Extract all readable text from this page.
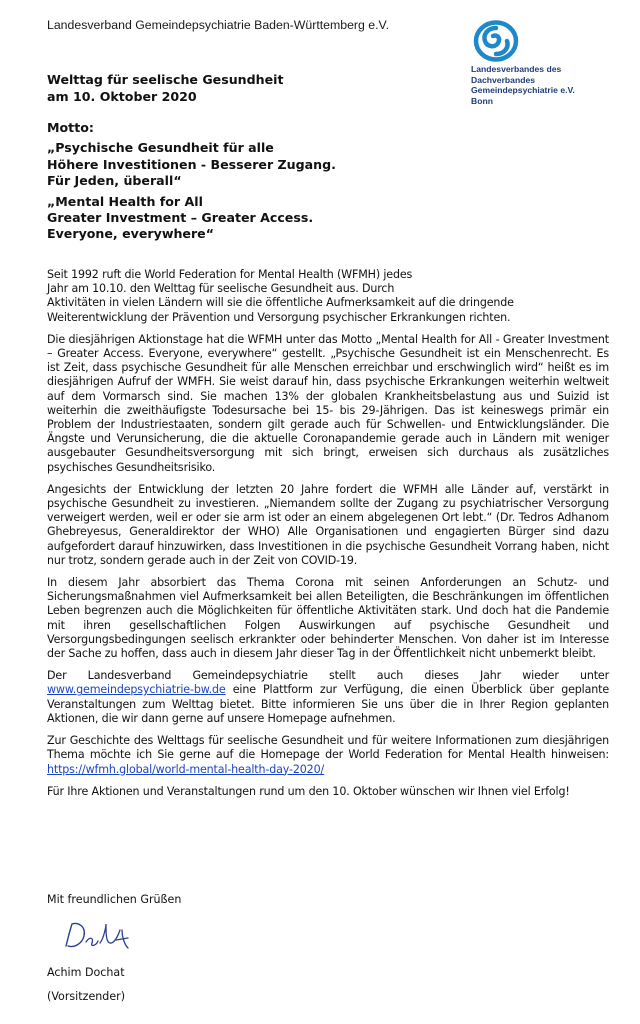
Landesverband Gemeindepsychiatrie Baden-Württemberg e.V.
Landesverbandes des
Dachverbandes
Gemeindepsychiatrie e.V.
Bonn
Welttag für seelische Gesundheit
am 10. Oktober 2020
Motto:
„Psychische Gesundheit für alle
Höhere Investitionen - Besserer Zugang.
Für Jeden, überall“
„Mental Health for All
Greater Investment – Greater Access.
Everyone, everywhere“

Seit 1992 ruft die World Federation for Mental Health (WFMH) jedes
Jahr am 10.10. den Welttag für seelische Gesundheit aus. Durch
Aktivitäten in vielen Ländern will sie die öffentliche Aufmerksamkeit auf die dringende
Weiterentwicklung der Prävention und Versorgung psychischer Erkrankungen richten.

Die diesjährigen Aktionstage hat die WFMH unter das Motto „Mental Health for All - Greater Investment – Greater Access. Everyone, everywhere“ gestellt. „Psychische Gesundheit ist ein Menschenrecht. Es ist Zeit, dass psychische Gesundheit für alle Menschen erreichbar und erschwinglich wird“ heißt es im diesjährigen Aufruf der WMFH. Sie weist darauf hin, dass psychische Erkrankungen weiterhin weltweit auf dem Vormarsch sind. Sie machen 13% der globalen Krankheitsbelastung aus und Suizid ist weiterhin die zweithäufigste Todesursache bei 15- bis 29-Jährigen. Das ist keineswegs primär ein Problem der Industriestaaten, sondern gilt gerade auch für Schwellen- und Entwicklungsländer. Die Ängste und Verunsicherung, die die aktuelle Coronapandemie gerade auch in Ländern mit weniger ausgebauter Gesundheitsversorgung mit sich bringt, erweisen sich durchaus als zusätzliches psychisches Gesundheitsrisiko.

Angesichts der Entwicklung der letzten 20 Jahre fordert die WFMH alle Länder auf, verstärkt in psychische Gesundheit zu investieren. „Niemandem sollte der Zugang zu psychiatrischer Versorgung verweigert werden, weil er oder sie arm ist oder an einem abgelegenen Ort lebt.“ (Dr. Tedros Adhanom Ghebreyesus, Generaldirektor der WHO) Alle Organisationen und engagierten Bürger sind dazu aufgefordert darauf hinzuwirken, dass Investitionen in die psychische Gesundheit Vorrang haben, nicht nur trotz, sondern gerade auch in der Zeit von COVID-19.

In diesem Jahr absorbiert das Thema Corona mit seinen Anforderungen an Schutz- und Sicherungsmaßnahmen viel Aufmerksamkeit bei allen Beteiligten, die Beschränkungen im öffentlichen Leben begrenzen auch die Möglichkeiten für öffentliche Aktivitäten stark. Und doch hat die Pandemie mit ihren gesellschaftlichen Folgen Auswirkungen auf psychische Gesundheit und Versorgungsbedingungen seelisch erkrankter oder behinderter Menschen. Von daher ist im Interesse der Sache zu hoffen, dass auch in diesem Jahr dieser Tag in der Öffentlichkeit nicht unbemerkt bleibt.

Der Landesverband Gemeindepsychiatrie stellt auch dieses Jahr wieder unter www.gemeindepsychiatrie-bw.de eine Plattform zur Verfügung, die einen Überblick über geplante Veranstaltungen zum Welttag bietet. Bitte informieren Sie uns über die in Ihrer Region geplanten Aktionen, die wir dann gerne auf unsere Homepage aufnehmen.

Zur Geschichte des Welttags für seelische Gesundheit und für weitere Informationen zum diesjährigen Thema möchte ich Sie gerne auf die Homepage der World Federation for Mental Health hinweisen: https://wfmh.global/world-mental-health-day-2020/

Für Ihre Aktionen und Veranstaltungen rund um den 10. Oktober wünschen wir Ihnen viel Erfolg!

Mit freundlichen Grüßen
Achim Dochat
(Vorsitzender)
